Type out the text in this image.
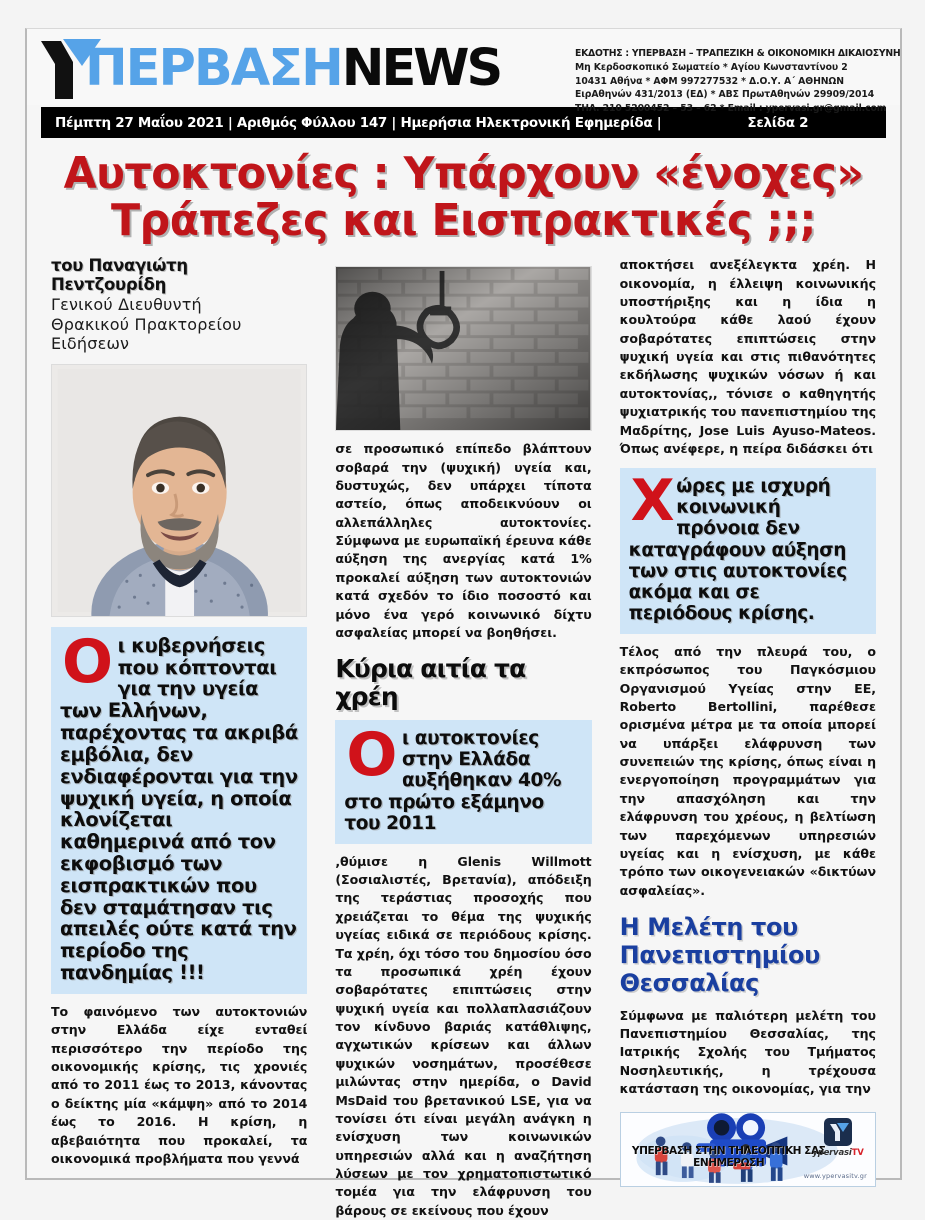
ΠΕΡΒΑΣΗNEWS	ΕΚΔΟΤΗΣ : ΥΠΕΡΒΑΣΗ – ΤΡΑΠΕΖΙΚΗ & ΟΙΚΟΝΟΜΙΚΗ ΔΙΚΑΙΟΣΥΝΗ
Μη Κερδοσκοπικό Σωματείο * Αγίου Κωνσταντίνου 2
10431 Αθήνα * ΑΦΜ 997277532 * Δ.Ο.Υ. Α΄ ΑΘΗΝΩΝ
ΕιρΑθηνών 431/2013 (ΕΔ) * ΑΒΣ ΠρωτΑθηνών 29909/2014
ΤΗΛ. 210 5200452 – 53 – 62 * Email : ypervasi.gr@gmail.com
Πέμπτη 27 Μαΐου 2021 | Αριθμός Φύλλου 147 | Ημερήσια Ηλεκτρονική Εφημερίδα |	Σελίδα 2
Αυτοκτονίες : Υπάρχουν «ένοχες»
Τράπεζες και Εισπρακτικές ;;;
του Παναγιώτη Πεντζουρίδη
Γενικού Διευθυντή
Θρακικού Πρακτορείου
Ειδήσεων
Οι κυβερνήσεις που κόπτονται για την υγεία των Ελλήνων, παρέχοντας τα ακριβά εμβόλια, δεν ενδιαφέρονται για την ψυχική υγεία, η οποία κλονίζεται καθημερινά από τον εκφοβισμό των εισπρακτικών που δεν σταμάτησαν τις απειλές ούτε κατά την περίοδο της πανδημίας !!!
Το φαινόμενο των αυτοκτονιών στην Ελλάδα είχε ενταθεί περισσότερο την περίοδο της οικονομικής κρίσης, τις χρονιές από το 2011 έως το 2013, κάνοντας ο δείκτης μία «κάμψη» από το 2014 έως το 2016. Η κρίση, η αβεβαιότητα που προκαλεί, τα οικονομικά προβλήματα που γεννά
σε προσωπικό επίπεδο βλάπτουν σοβαρά την (ψυχική) υγεία και, δυστυχώς, δεν υπάρχει τίποτα αστείο, όπως αποδεικνύουν οι αλλεπάλληλες αυτοκτονίες. Σύμφωνα με ευρωπαϊκή έρευνα κάθε αύξηση της ανεργίας κατά 1% προκαλεί αύξηση των αυτοκτονιών κατά σχεδόν το ίδιο ποσοστό και μόνο ένα γερό κοινωνικό δίχτυ ασφαλείας μπορεί να βοηθήσει.
Κύρια αιτία τα χρέη
Οι αυτοκτονίες στην Ελλάδα αυξήθηκαν 40% στο πρώτο εξάμηνο του 2011
,θύμισε η Glenis Willmott (Σοσιαλιστές, Βρετανία), απόδειξη της τεράστιας προσοχής που χρειάζεται το θέμα της ψυχικής υγείας ειδικά σε περιόδους κρίσης. Τα χρέη, όχι τόσο του δημοσίου όσο τα προσωπικά χρέη έχουν σοβαρότατες επιπτώσεις στην ψυχική υγεία και πολλαπλασιάζουν τον κίνδυνο βαριάς κατάθλιψης, αγχωτικών κρίσεων και άλλων ψυχικών νοσημάτων, προσέθεσε μιλώντας στην ημερίδα, ο David MsDaid του βρετανικού LSE, για να τονίσει ότι είναι μεγάλη ανάγκη η ενίσχυση των κοινωνικών υπηρεσιών αλλά και η αναζήτηση λύσεων με τον χρηματοπιστωτικό τομέα για την ελάφρυνση του βάρους σε εκείνους που έχουν
αποκτήσει ανεξέλεγκτα χρέη. Η οικονομία, η έλλειψη κοινωνικής υποστήριξης και η ίδια η κουλτούρα κάθε λαού έχουν σοβαρότατες επιπτώσεις στην ψυχική υγεία και στις πιθανότητες εκδήλωσης ψυχικών νόσων ή και αυτοκτονίας,, τόνισε ο καθηγητής ψυχιατρικής του πανεπιστημίου της Μαδρίτης, Jose Luis Ayuso-Mateos. Όπως ανέφερε, η πείρα διδάσκει ότι
Χώρες με ισχυρή κοινωνική πρόνοια δεν καταγράφουν αύξηση των στις αυτοκτονίες ακόμα και σε περιόδους κρίσης.
Τέλος από την πλευρά του, ο εκπρόσωπος του Παγκόσμιου Οργανισμού Υγείας στην ΕΕ, Roberto Bertollini, παρέθεσε ορισμένα μέτρα με τα οποία μπορεί να υπάρξει ελάφρυνση των συνεπειών της κρίσης, όπως είναι η ενεργοποίηση προγραμμάτων για την απασχόληση και την ελάφρυνση του χρέους, η βελτίωση των παρεχόμενων υπηρεσιών υγείας και η ενίσχυση, με κάθε τρόπο των οικογενειακών «δικτύων ασφαλείας».
Η Μελέτη του
Πανεπιστημίου
Θεσσαλίας
Σύμφωνα με παλιότερη μελέτη του Πανεπιστημίου Θεσσαλίας, της Ιατρικής Σχολής του Τμήματος Νοσηλευτικής, η τρέχουσα κατάσταση της οικονομίας, για την
ΥΠΕΡΒΑΣΗ ΣΤΗΝ ΤΗΛΕΟΠΤΙΚΗ ΣΑΣ ΕΝΗΜΕΡΩΣΗ
ypervasiTV
www.ypervasitv.gr
